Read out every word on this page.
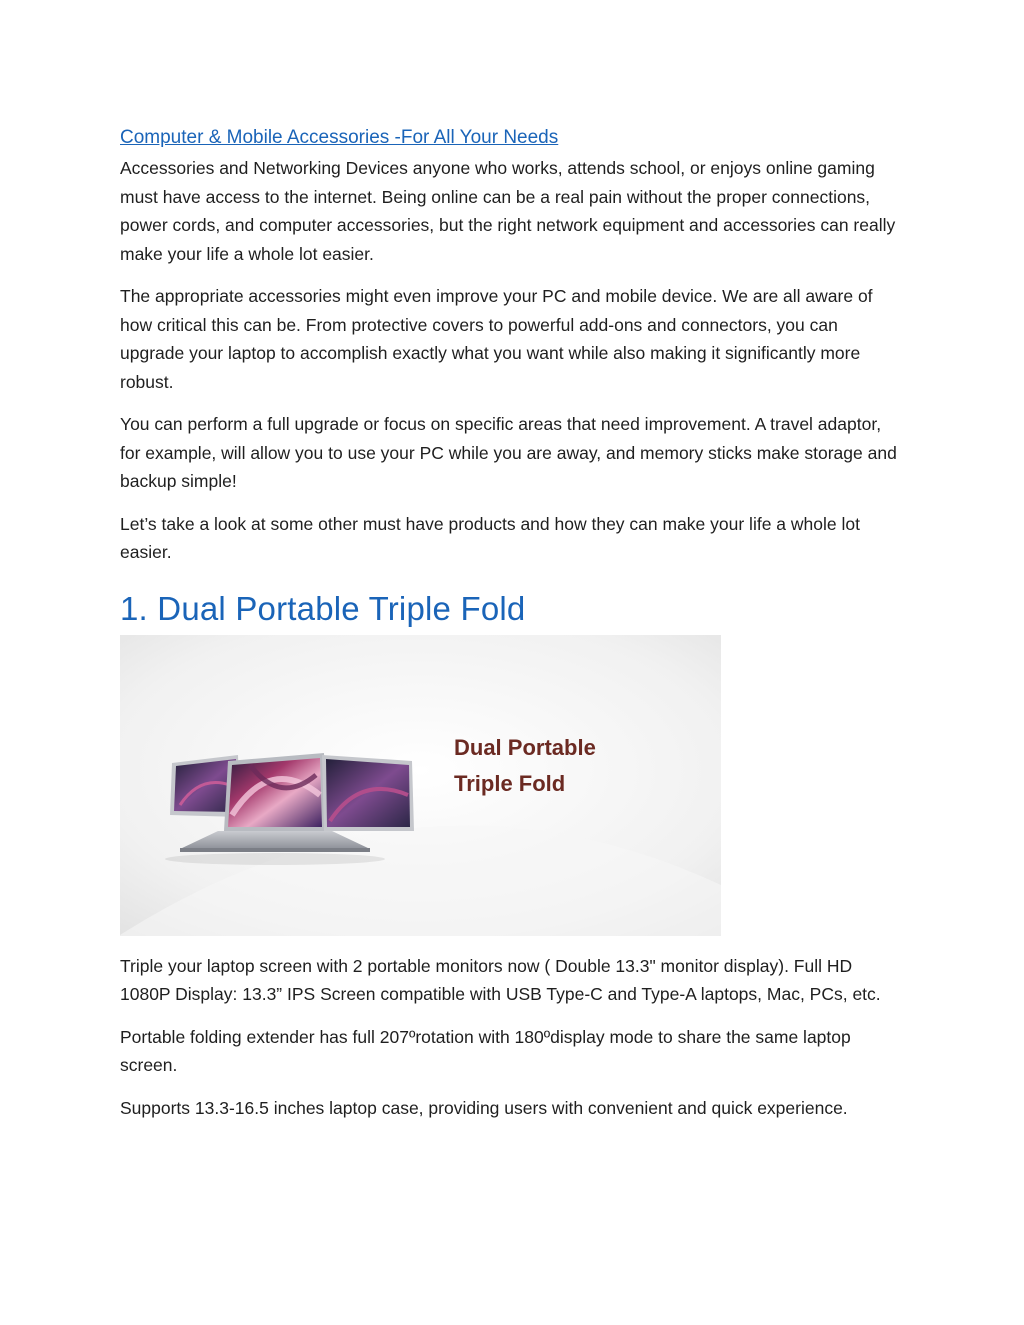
Computer & Mobile Accessories -For All Your Needs

Accessories and Networking Devices anyone who works, attends school, or enjoys online gaming must have access to the internet. Being online can be a real pain without the proper connections, power cords, and computer accessories, but the right network equipment and accessories can really make your life a whole lot easier.

The appropriate accessories might even improve your PC and mobile device. We are all aware of how critical this can be. From protective covers to powerful add-ons and connectors, you can upgrade your laptop to accomplish exactly what you want while also making it significantly more robust.

You can perform a full upgrade or focus on specific areas that need improvement. A travel adaptor, for example, will allow you to use your PC while you are away, and memory sticks make storage and backup simple!

Let’s take a look at some other must have products and how they can make your life a whole lot easier.

1. Dual Portable Triple Fold
Dual Portable
Triple Fold

Triple your laptop screen with 2 portable monitors now ( Double 13.3" monitor display). Full HD 1080P Display: 13.3” IPS Screen compatible with USB Type-C and Type-A laptops, Mac, PCs, etc.

Portable folding extender has full 207ºrotation with 180ºdisplay mode to share the same laptop screen.

Supports 13.3-16.5 inches laptop case, providing users with convenient and quick experience.
